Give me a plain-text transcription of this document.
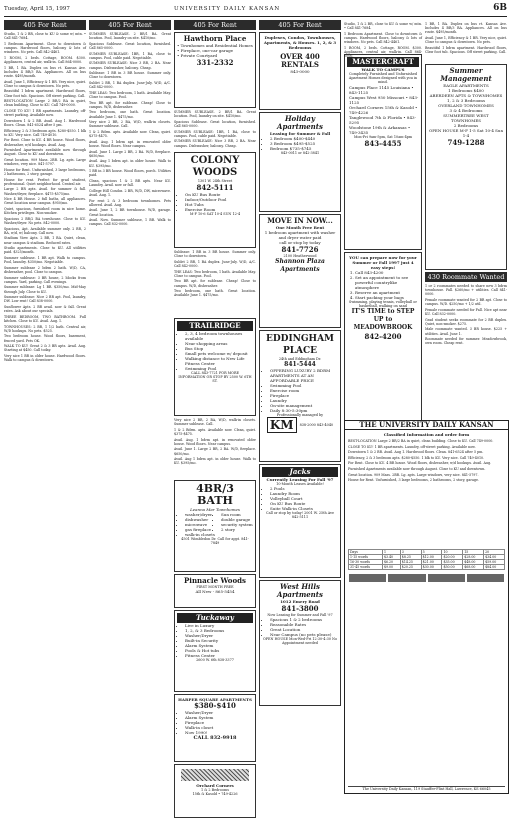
Tuesday, April 15, 1997	UNIVERSITY DAILY KANSAN	6B
405 For Rent

Studio, 1 & 2 BR, close to KU & some w/ mtn. • Call 841-7684.

1 Bedroom Apartment. Close to downtown & campus. Hardwood floors, balcony & lots of windows. No pets. Call 842-4461.

1 ROOM, 2 beds. Cottage, ROOM. $300. Appliances, central air, walk-in. Call 864-0000.

1 BR, 1 BA. Duplex on bus rt. Kansas Ave. Includes 4 BR/3 BA. Appliances. All on bus route. $495/month.

Avail. June 1, Efficiency & 1 BR. Very nice, quiet. Close to campus & downtown. No pets.

Beautiful 1 bdrm apartment. Hardwood floors, Claw foot tub. Spacious. Off street parking. Call.

BEST-LOCATION Large 2 BR/2 BA in quiet, clean building. Close to KU. Call 749-0000.

CLOSE TO KU! 1 BR apartments. Laundry, off-street parking. Available now.

Downtown 1 & 2 BR. Avail. Aug 1. Hardwood floors. Clean. 841-6524 after 5 pm.

Efficiency, 2 & 3 bedroom apts. $280-$550. 1 blk to KU. Very nice. Call 749-4010.

For Rent. Close to KU. 4 BR house. Wood floors, dishwasher, w/d hookups. Avail. Aug.

Furnished Apartments available now through August. Close to KU and downtown.

Great location. 909 Mass. 2BR. Lg. apts. Large windows, very nice. 841-5797.

House for Rent. Unfurnished, 3 large bedrooms, 2 bathrooms, 2 story, garage.

House for rent. Perfect for grad student, professional. Quiet neighborhood. Central air.

Large 2 BR apts. Avail. for summer & fall. Washer/dryer, fireplace. $475-$575/mo.

Nice 4 BR House. 2 full baths, all appliances. Great location near campus. $950/mo.

Quiet, spacious, furnished room in nice home. Kitchen privileges. Non-smoker.

Spacious 2 BR/2 BA townhouse. Close to KU. Washer/dryer. No pets. 842-0000.

Spacious, Apt. Available summer only. 2 BR, 2 BA, w/d, w/ balcony. Call now.

Stadium View Apts. 2 BR, 1 BA. Quiet, clean, near campus & stadium. Reduced rates.

Studio apartments. Close to KU. All utilities paid. $325/month.

Summer sublease. 1 BR apt. Walk to campus. Pool, laundry. $350/mo. Negotiable.

Summer sublease 2 bdrm 2 bath. W/D, CA, dishwasher, pool. Close to campus.

Summer sublease: 3 BR house, 2 blocks from campus. Yard, parking. Call evenings.

Summer sublease: Lg 1 BR. $350/mo. Mid-May through July. Close to KU.

Summer sublease: Nice 2 BR apt. Pool, laundry, DW. Low rent! Call 838-0000.

Sunflower Apts. 2 BR avail. now & fall. Great rates. Ask about our specials.

THREE BEDROOM, TWO BATHROOM. Full kitchen. Close to KU. Avail. Aug. 1.

TOWNHOUSES: 2 BR, 1 1/2 bath. Central air, W/D hookups. No pets. $525.

Two bedroom house. Wood floors, basement, fenced yard. Pets OK.

WALK TO KU! Great 2 & 3 BR apts. Avail. Aug. Starting at $450. Call today.

Very nice 1 BR in older house. Hardwood floors. Walk to campus & downtown.

405 For Rent

SUMMER SUBLEASE. 2 BR/1 BA. Great location. Pool, laundry on site. $410/mo.

Spacious Sublease. Great location, furnished. Call 865-0000.

SUMMER SUBLEASE: 1BR, 1 BA, close to campus. Pool, cable paid. Negotiable.

SUMMER SUBLEASE: Nice 3 BR, 2 BA. Near campus. Dishwasher, balcony. Cheap.

Sublease: 1 BR in 3 BR house. Summer only. Close to downtown.

Sublet 2 BR, 1 BA duplex. June-July. W/D, A/C. Call 842-0000.

THE LEAS: Two bedroom, 1 bath. Available May. Close to campus. Pool.

Two BR apt. for sublease. Cheap! Close to campus. W/D, dishwasher.

Two bedroom, one bath. Great location. Available June 1. $475/mo.

Very nice 2 BR, 2 BA, W/D, walk-in closets. Summer sublease. Call.

1 & 2 Bdrm. apts. Available now. Clean, quiet. $375-$475.

Avail. Aug. 1 bdrm apt. in renovated older house. Wood floors. Near campus.

Avail. June 1. Large 2 BR, 2 BA. W/D, fireplace. $650/mo.

Avail. Aug 1 bdrm apt. in older house. Walk to KU. $395/mo.

1 BR in 3 BR house. Wood floors, porch. Utilities paid.

Clean, spacious 1 & 2 BR apts. Near KU. Laundry. Avail. now or fall.

College Hill Condos. 2 BR, W/D, DW, microwave. Avail. Aug. 1.

For rent 2 & 3 bedroom townhomes. Pets allowed. Avail. Aug.

Avail. June 1, 2 BR townhouse. W/D, garage. Great location.

Avail. Now. Summer sublease, 1 BR. Walk to campus. Call 832-0000.

405 For Rent
Hawthorn Place
• Townhomes and Residential Homes
• Fireplace, one-car garage
• Private Courtyard
331-2332

SUMMER SUBLEASE. 2 BR/1 BA. Great location. Pool, laundry on site. $410/mo.

Spacious Sublease. Great location, furnished. Call 865-0000.

SUMMER SUBLEASE: 1BR, 1 BA, close to campus. Pool, cable paid. Negotiable.

SUMMER SUBLEASE: Nice 3 BR, 2 BA. Near campus. Dishwasher, balcony. Cheap.

COLONY WOODS
1301 W. 24th Street
842-5111
• On KU Bus Route
• Indoor/Outdoor Pool
• Hot Tubs
• Exercise Room
M-F 10-6 SAT 10-4 SUN 12-4

Sublease: 1 BR in 3 BR house. Summer only. Close to downtown.

Sublet 2 BR, 1 BA duplex. June-July. W/D, A/C. Call 842-0000.

THE LEAS: Two bedroom, 1 bath. Available May. Close to campus. Pool.

Two BR apt. for sublease. Cheap! Close to campus. W/D, dishwasher.

Two bedroom, one bath. Great location. Available June 1. $475/mo.

TRAILRIDGE
• 2, 3, 4 bedroom townhouses available
• Near shopping areas
• Bus Stop
• Small pets welcome w/ deposit
• Walking distance to New Life Fitness Center
• Swimming Pool
CALL 843-7721 FOR MORE INFORMATION OR STOP BY 2500 W. 6TH ST.

Very nice 2 BR, 2 BA, W/D, walk-in closets. Summer sublease. Call.

1 & 2 Bdrm. apts. Available now. Clean, quiet. $375-$475.

Avail. Aug. 1 bdrm apt. in renovated older house. Wood floors. Near campus.

Avail. June 1. Large 2 BR, 2 BA. W/D, fireplace. $650/mo.

Avail. Aug 1 bdrm apt. in older house. Walk to KU. $395/mo.

4BR/3 BATH
Leanna Mar Townhomes
• washer/dryer
• dishwasher
• microwave
• gas fireplace
• walk-in closets
• Sun room
• double garage
• security system
• 2 story
4501 Wimbledon Dr. Call for appt. 841-7849
Pinnacle Woods
FIRST MONTH FREE
All New - 865-5454
Tuckaway
• Live in Luxury
• 1, 2, & 3 Bedrooms
• Washer/Dryer
• Built-in Security
• Alarm System
• Pools & Hot tubs
• Fitness Center
2600 W. 6th 838-3377
HARPER SQUARE APARTMENTS
$380-$410
• Washer/Dryer
• Alarm System
• Fireplace
• Walk-in closet
• Now 1990!
CALL 832-9918
Orchard Corners
1 & 2 Bedrooms
15th & Kasold • 749-4226
405 For Rent
Duplexes, Condos, Townhouses, Apartments, & Houses. 1, 2, & 3 Bedrooms
OVER 400 RENTALS
843-0000
Holiday Apartments
Leasing for Summer & Fall
• 2 Bedroom $400-$440
• 3 Bedroom $495-$525
• Bedroom $735-$745
843-0011 or 842-3841
MOVE IN NOW...
One Month Free Rent
1 bedroom apartment with washer and dryer water paid
call or stop by today
841-7726
2100 Heatherwood
Shannon Plaza Apartments
EDDINGHAM PLACE
24th and Eddingham Dr.
841-5444
• OFFERING LUXURY 2 BDRM APARTMENTS AT AN AFFORDABLE PRICE
• Swimming Pool
• Exercise room
• Fireplace
• Laundry
• On-site management
• Daily 8:30-5:30pm
Professionally managed by
KM	838-2000 843-4040
Jacks
Currently Leasing For Fall '97
10-Month Leases Available!
• 2 Pools
• Laundry Room
• Volleyball Court
• On KU Bus Route
• Suite Walk-in Closets
Call or stop by today! 2001 W. 25th Ave 842-5111
West Hills Apartments
1012 Emery Road
841-3800
Now Leasing for Summer and Fall '97
• Spacious 1 & 2 bedrooms
• Reasonable Rates
• Great Location
• Near Campus (no pets please)
OPEN HOUSE Mon-Wed-Fri 12:30-4:30 No Appointment needed

Studio, 1 & 2 BR, close to KU & some w/ mtn. • Call 841-7684.

1 Bedroom Apartment. Close to downtown & campus. Hardwood floors, balcony & lots of windows. No pets. Call 842-4461.

1 ROOM, 2 beds. Cottage, ROOM. $300. Appliances, central air, walk-in. Call 864-0000.

MASTERCRAFT
WALK TO CAMPUS
Completely Furnished and Unfurnished Apartment Homes designed with you in mind.
Campus Place 1145 Louisiana • 843-1125
Campus West 950 Missouri • 843-1125
Orchard Corners 15th & Kasold • 749-4226
Tanglewood 7th & Florida • 843-5295
Woodstone 19th & Arkansas • 749-3435
Mon-Fri 9am-5pm, Sat 10am-4pm
843-4455
YOU can prepare now for your Summer or Fall 1997 just 4 easy steps!
1. Call 843-4200
2. Set an appointment to see powerful countrylike atmosphere
3. Reserve an apartment
4. Start packing your bags
Swimming, playing tennis, volleyball or basketball, walking on sand
IT'S TIME to STEP UP to MEADOWBROOK
842-4200

1 BR, 1 BA. Duplex on bus rt. Kansas Ave. Includes 4 BR/3 BA. Appliances. All on bus route. $495/month.

Avail. June 1, Efficiency & 1 BR. Very nice, quiet. Close to campus & downtown. No pets.

Beautiful 1 bdrm apartment. Hardwood floors, Claw foot tub. Spacious. Off street parking. Call.

Summer Management
EAGLE APARTMENTS
1 Bedrooms $400
ABERDEEN APTS & TOWNHOMES
1, 2 & 3 Bedrooms
OVERLAND TOWNHOMES
3 & 4 Bedrooms
SUMMERTREE WEST TOWNHOMES
2 Bedrooms
OPEN HOUSE M-F 1-5 Sat 10-4 Sun 1-4
749-1288
430 Roommate Wanted

1 or 2 roommates needed to share new 3 bdrm townhouse. Fall. $260/mo + utilities. Call 841-0000.

Female roommate wanted for 2 BR apt. Close to campus. W/D. $250/mo + 1/2 util.

Female roommate needed for Fall. Nice apt near KU. Call 832-0000.

Grad student seeks roommate for 2 BR duplex. Quiet, non-smoker. $275.

Male roommate wanted. 3 BR house. $225 + utilities. Avail. June 1.

Roommate needed for summer. Meadowbrook, own room. Cheap rent.

THE UNIVERSITY DAILY KANSAN
Classified Information and order form

BEST-LOCATION Large 2 BR/2 BA in quiet, clean building. Close to KU. Call 749-0000.

CLOSE TO KU! 1 BR apartments. Laundry, off-street parking. Available now.

Downtown 1 & 2 BR. Avail. Aug 1. Hardwood floors. Clean. 841-6524 after 5 pm.

Efficiency, 2 & 3 bedroom apts. $280-$550. 1 blk to KU. Very nice. Call 749-4010.

For Rent. Close to KU. 4 BR house. Wood floors, dishwasher, w/d hookups. Avail. Aug.

Furnished Apartments available now through August. Close to KU and downtown.

Great location. 909 Mass. 2BR. Lg. apts. Large windows, very nice. 841-5797.

House for Rent. Unfurnished, 3 large bedrooms, 2 bathrooms, 2 story, garage.

Days	1	3	5	10	15	20
1-15 words	$3.40	$8.25	$12.00	$20.00	$28.00	$34.00
16-30 words	$6.20	$14.25	$21.00	$35.00	$48.00	$59.00
31-45 words	$9.00	$20.25	$30.00	$50.00	$68.00	$84.00
The University Daily Kansan, 119 Stauffer-Flint Hall, Lawrence, KS 66045
